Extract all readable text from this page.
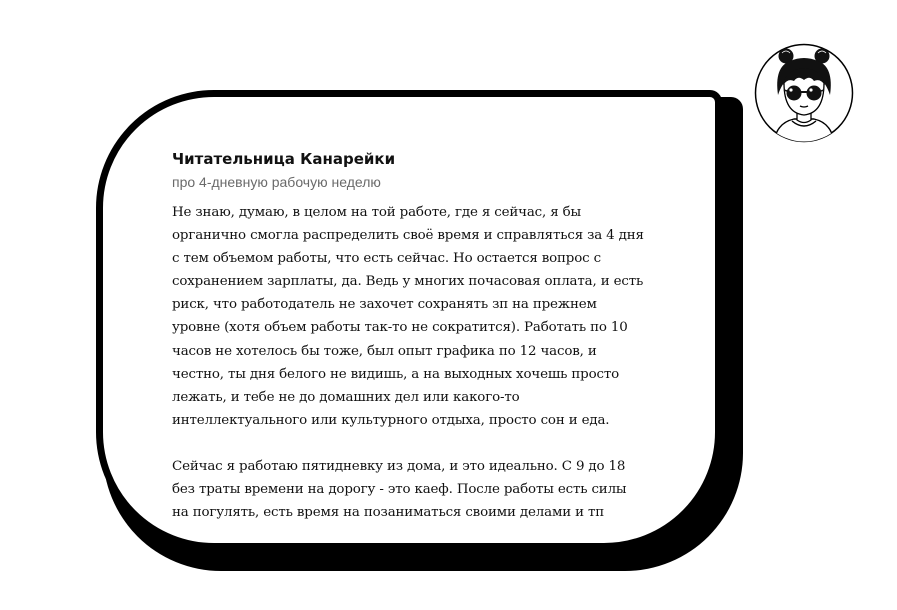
Читательница Канарейки

про 4-дневную рабочую неделю

Не знаю, думаю, в целом на той работе, где я сейчас, я бы
органично смогла распределить своё время и справляться за 4 дня
с тем объемом работы, что есть сейчас. Но остается вопрос с
сохранением зарплаты, да. Ведь у многих почасовая оплата, и есть
риск, что работодатель не захочет сохранять зп на прежнем
уровне (хотя объем работы так-то не сократится). Работать по 10
часов не хотелось бы тоже, был опыт графика по 12 часов, и
честно, ты дня белого не видишь, а на выходных хочешь просто
лежать, и тебе не до домашних дел или какого-то
интеллектуального или культурного отдыха, просто сон и еда.

Сейчас я работаю пятидневку из дома, и это идеально. С 9 до 18
без траты времени на дорогу - это каеф. После работы есть силы
на погулять, есть время на позаниматься своими делами и тп
